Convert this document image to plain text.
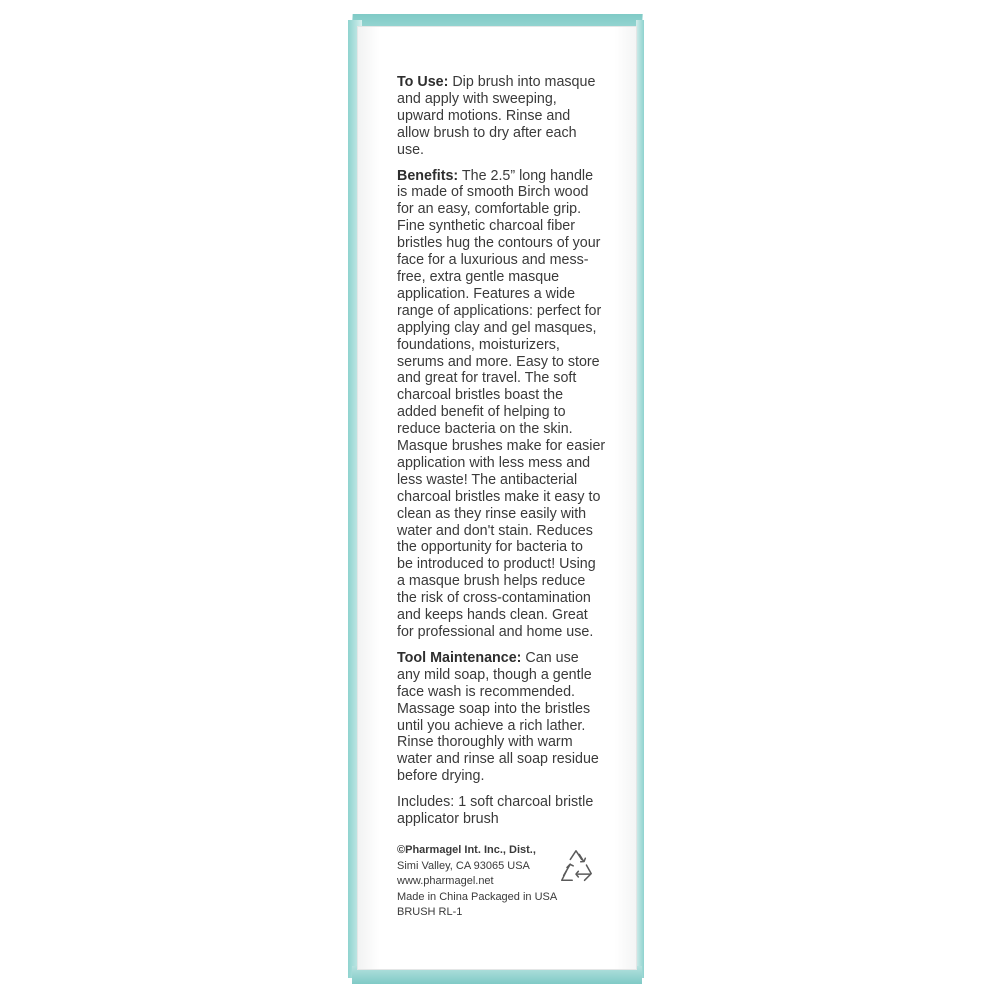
To Use: Dip brush into masque
and apply with sweeping,
upward motions. Rinse and
allow brush to dry after each
use.
Benefits: The 2.5” long handle
is made of smooth Birch wood
for an easy, comfortable grip.
Fine synthetic charcoal fiber
bristles hug the contours of your
face for a luxurious and mess-
free, extra gentle masque
application. Features a wide
range of applications: perfect for
applying clay and gel masques,
foundations, moisturizers,
serums and more. Easy to store
and great for travel. The soft
charcoal bristles boast the
added benefit of helping to
reduce bacteria on the skin.
Masque brushes make for easier
application with less mess and
less waste! The antibacterial
charcoal bristles make it easy to
clean as they rinse easily with
water and don't stain. Reduces
the opportunity for bacteria to
be introduced to product! Using
a masque brush helps reduce
the risk of cross-contamination
and keeps hands clean. Great
for professional and home use.
Tool Maintenance: Can use
any mild soap, though a gentle
face wash is recommended.
Massage soap into the bristles
until you achieve a rich lather.
Rinse thoroughly with warm
water and rinse all soap residue
before drying.
Includes: 1 soft charcoal bristle
applicator brush
©Pharmagel Int. Inc., Dist.,
Simi Valley, CA 93065 USA
www.pharmagel.net
Made in China Packaged in USA
BRUSH RL-1
